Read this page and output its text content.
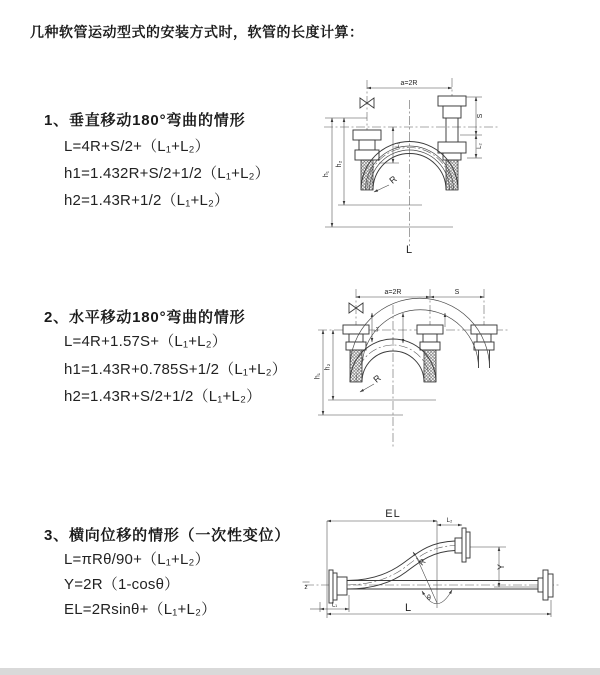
几种软管运动型式的安装方式时，软管的长度计算：
1、垂直移动180°弯曲的情形
L=4R+S/2+（L₁+L₂）
h1=1.432R+S/2+1/2（L₁+L₂）
h2=1.43R+1/2（L₁+L₂）
2、水平移动180°弯曲的情形
L=4R+1.57S+（L₁+L₂）
h1=1.43R+0.785S+1/2（L₁+L₂）
h2=1.43R+S/2+1/2（L₁+L₂）
3、横向位移的情形（一次性变位）
L=πRθ/90+（L₁+L₂）
Y=2R（1-cosθ）
EL=2Rsinθ+（L₁+L₂）
a=2R
h₁
h₂
L₁
S
L₂
R
L
a=2R	S
h₁
h₂
L₁
R
EL
L₂
Y
R
θ
L
L₁
z
